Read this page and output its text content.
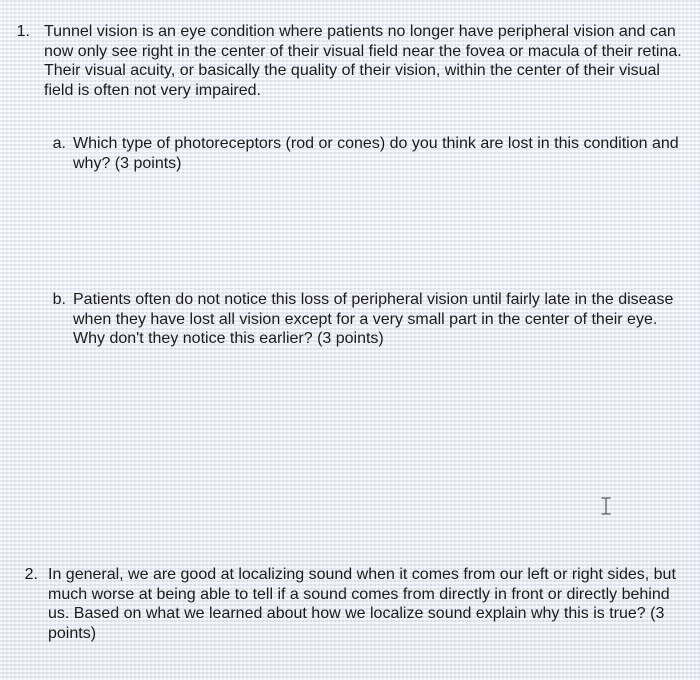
1. Tunnel vision is an eye condition where patients no longer have peripheral vision and can now only see right in the center of their visual field near the fovea or macula of their retina. Their visual acuity, or basically the quality of their vision, within the center of their visual field is often not very impaired.

a. Which type of photoreceptors (rod or cones) do you think are lost in this condition and why? (3 points)

b. Patients often do not notice this loss of peripheral vision until fairly late in the disease when they have lost all vision except for a very small part in the center of their eye. Why don't they notice this earlier? (3 points)

2. In general, we are good at localizing sound when it comes from our left or right sides, but much worse at being able to tell if a sound comes from directly in front or directly behind us. Based on what we learned about how we localize sound explain why this is true? (3 points)
